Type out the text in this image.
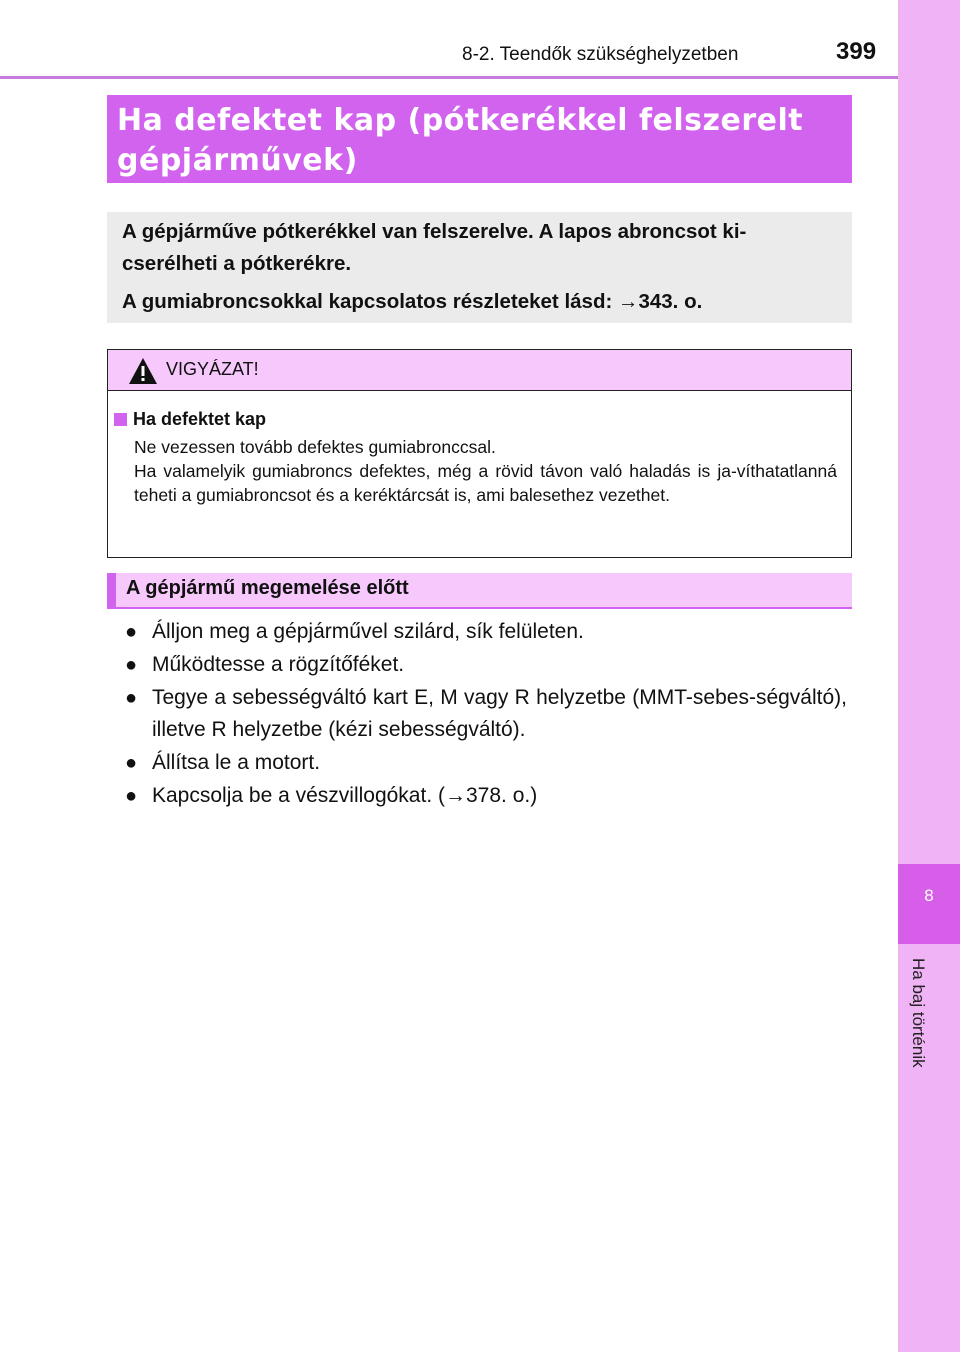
8-2. Teendők szükséghelyzetben	399
8
Ha baj történik
Ha defektet kap (pótkerékkel felszerelt
gépjárművek)
A gépjárműve pótkerékkel van felszerelve. A lapos abroncsot ki-
cserélheti a pótkerékre.
A gumiabroncsokkal kapcsolatos részleteket lásd: →343. o.
VIGYÁZAT!
Ha defektet kap

Ne vezessen tovább defektes gumiabronccsal.

Ha valamelyik gumiabroncs defektes, még a rövid távon való haladás is ja-víthatatlanná teheti a gumiabroncsot és a keréktárcsát is, ami balesethez vezethet.

A gépjármű megemelése előtt
● Álljon meg a gépjárművel szilárd, sík felületen.
● Működtesse a rögzítőféket.
● Tegye a sebességváltó kart E, M vagy R helyzetbe (MMT-sebes-ségváltó), illetve R helyzetbe (kézi sebességváltó).
● Állítsa le a motort.
● Kapcsolja be a vészvillogókat. (→378. o.)
